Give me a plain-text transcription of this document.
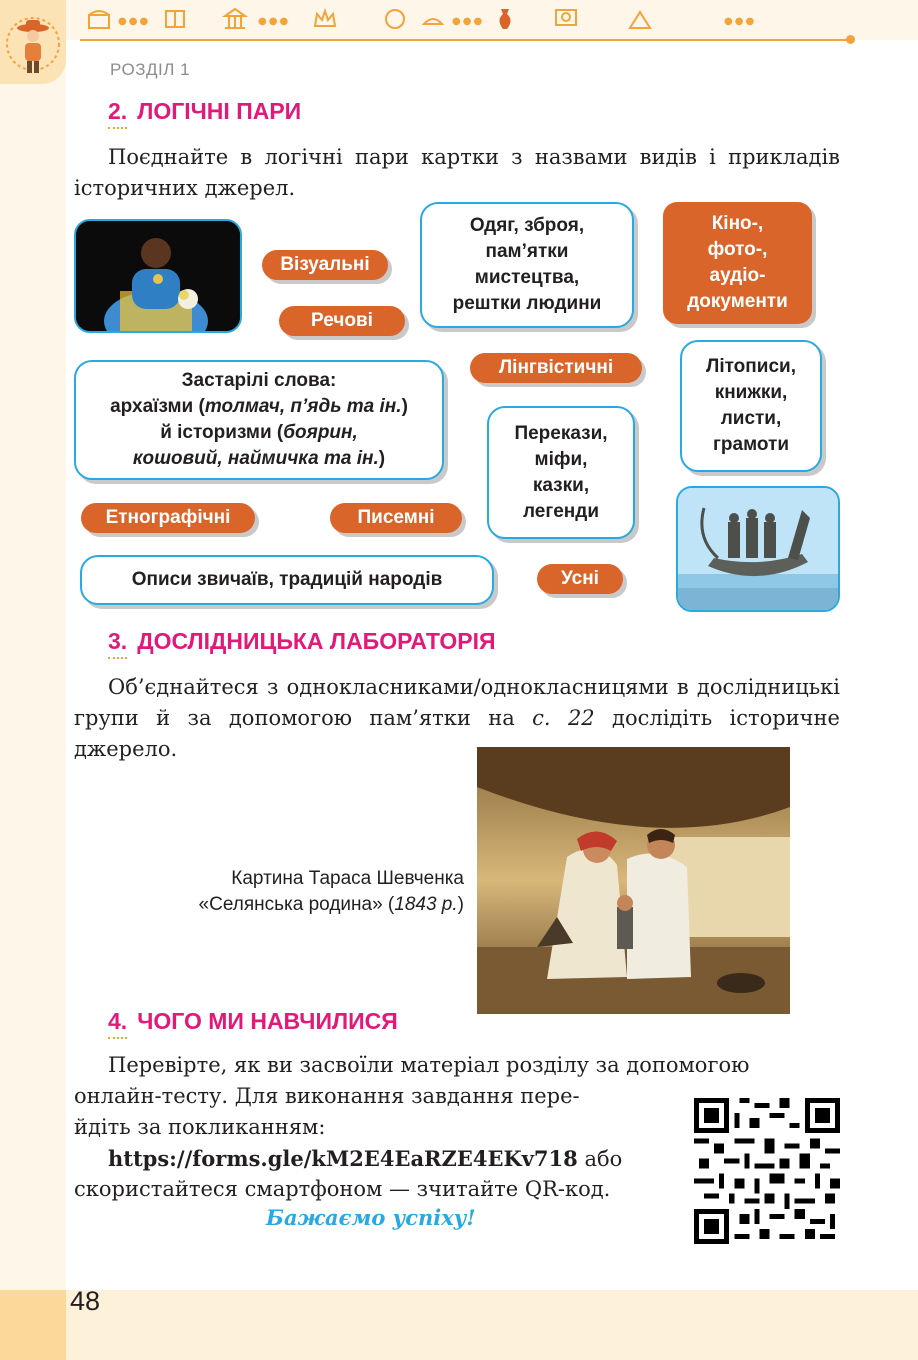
●●●	●●●	●●●	●●●
РОЗДІЛ 1
2. ЛОГІЧНІ ПАРИ

Поєднайте в логічні пари картки з назвами видів і прикладів історичних джерел.

Візуальні
Речові
Одяг, зброя,
пам’ятки
мистецтва,
рештки людини
Кіно-,
фото-,
аудіо-
документи
Застарілі слова:
архаїзми (толмач, п’ядь та ін.)
й історизми (боярин,
кошовий, наймичка та ін.)
Лінгвістичні
Перекази,
міфи,
казки,
легенди
Літописи,
книжки,
листи,
грамоти
Етнографічні	Писемні
Описи звичаїв, традицій народів	Усні
3. ДОСЛІДНИЦЬКА ЛАБОРАТОРІЯ

Об’єднайтеся з однокласниками/однокласницями в дослідницькі групи й за допомогою пам’ятки на с. 22 дослідіть історичне джерело.

Картина Тараса Шевченка
«Селянська родина» (1843 р.)
4. ЧОГО МИ НАВЧИЛИСЯ

Перевірте, як ви засвоїли матеріал розділу за допомогою

онлайн-тесту. Для виконання завдання пере-

йдіть за покликанням:

https://forms.gle/kM2E4EaRZE4EKv718 або

скористайтеся смартфоном — зчитайте QR-код.

Бажаємо успіху!
48
